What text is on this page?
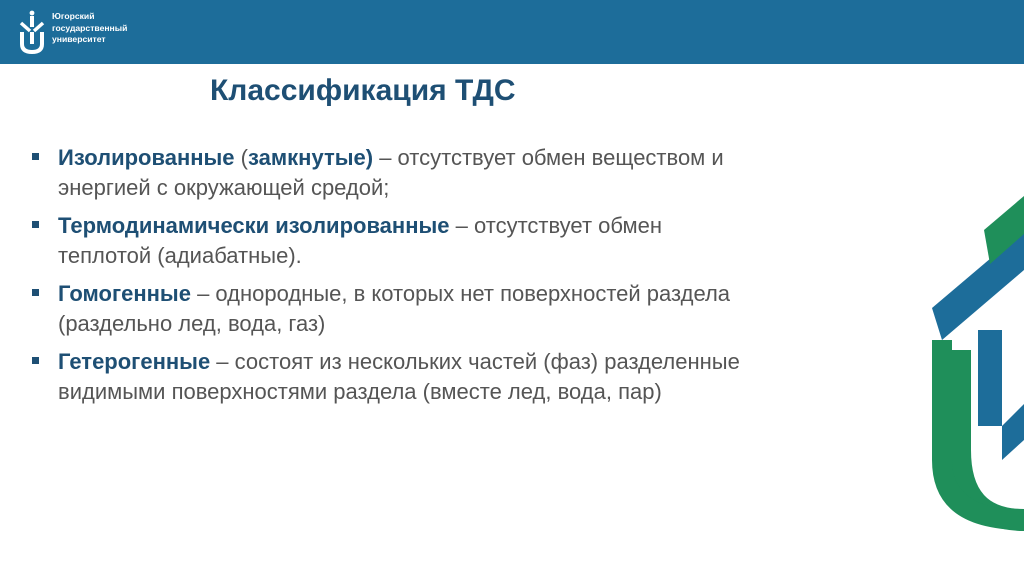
Югорский
государственный
университет
Классификация ТДС
Изолированные (замкнутые) – отсутствует обмен веществом и энергией с окружающей средой;
Термодинамически изолированные – отсутствует обмен теплотой (адиабатные).
Гомогенные – однородные, в которых нет поверхностей раздела (раздельно лед, вода, газ)
Гетерогенные – состоят из нескольких частей (фаз) разделенные видимыми поверхностями раздела (вместе лед, вода, пар)
